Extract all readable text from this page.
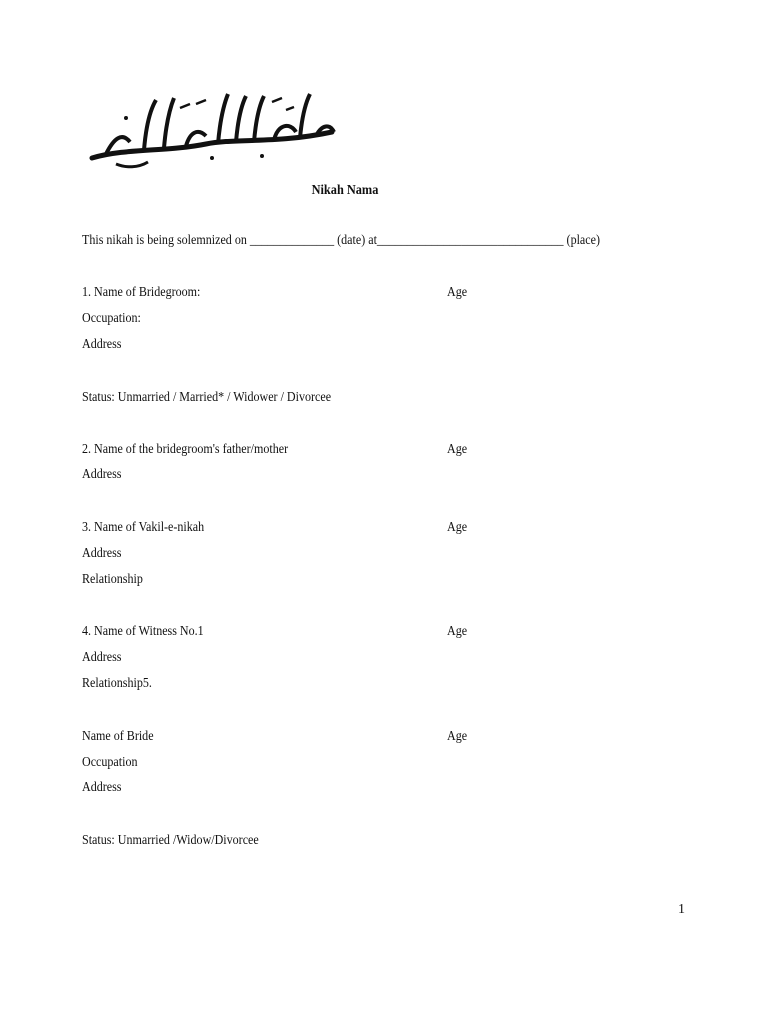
Nikah Nama
This nikah is being solemnized on ______________ (date) at_______________________________ (place)
1. Name of Bridegroom:	Age
Occupation:
Address
Status: Unmarried / Married* / Widower / Divorcee
2. Name of the bridegroom's father/mother	Age
Address
3. Name of Vakil-e-nikah	Age
Address
Relationship
4. Name of Witness No.1	Age
Address
Relationship5.
Name of Bride	Age
Occupation
Address
Status: Unmarried /Widow/Divorcee
1
